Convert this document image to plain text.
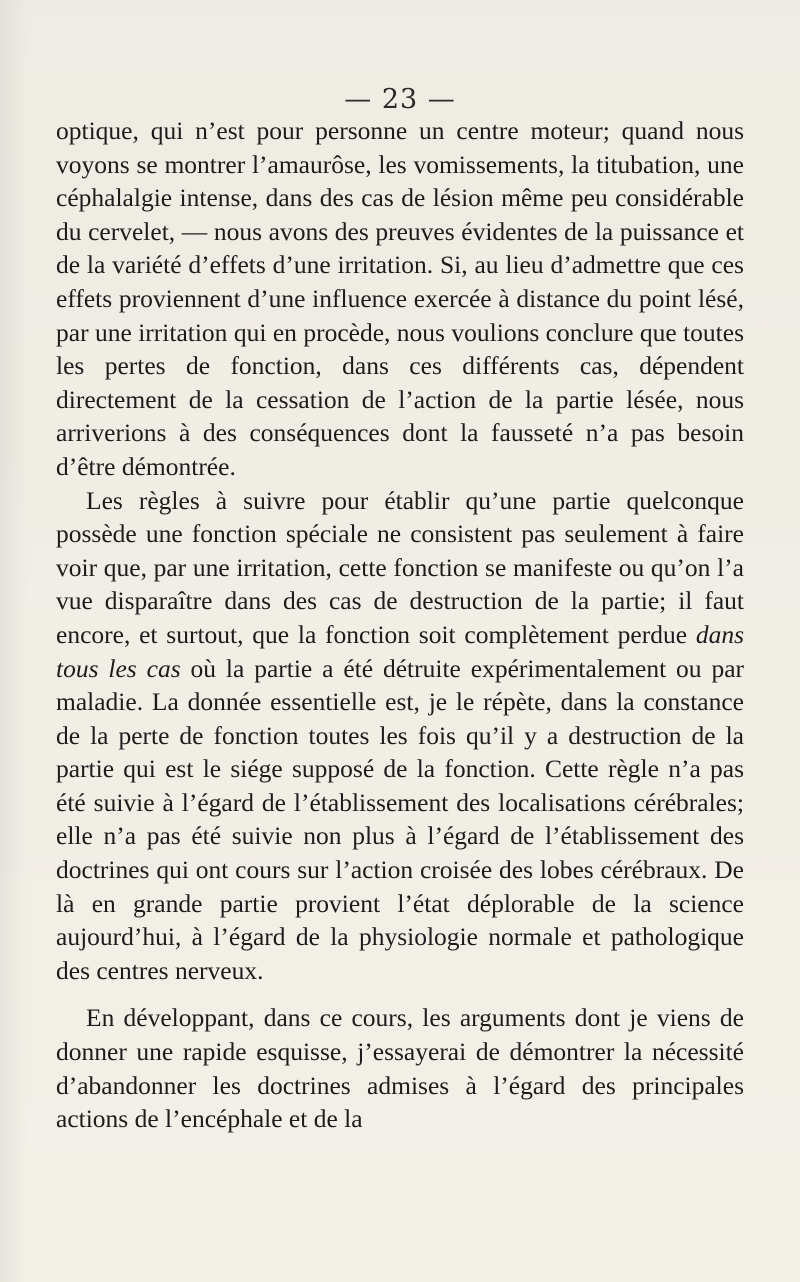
— 23 —

optique, qui n’est pour personne un centre moteur; quand nous voyons se montrer l’amaurôse, les vomissements, la titubation, une céphalalgie intense, dans des cas de lésion même peu considérable du cervelet, — nous avons des preuves évidentes de la puissance et de la variété d’effets d’une irritation. Si, au lieu d’admettre que ces effets proviennent d’une influence exercée à distance du point lésé, par une irritation qui en procède, nous voulions conclure que toutes les pertes de fonction, dans ces différents cas, dépendent directement de la cessation de l’action de la partie lésée, nous arriverions à des conséquences dont la fausseté n’a pas besoin d’être démontrée.

Les règles à suivre pour établir qu’une partie quelconque possède une fonction spéciale ne consistent pas seulement à faire voir que, par une irritation, cette fonction se manifeste ou qu’on l’a vue disparaître dans des cas de destruction de la partie; il faut encore, et surtout, que la fonction soit complètement perdue dans tous les cas où la partie a été détruite expérimentalement ou par maladie. La donnée essentielle est, je le répète, dans la constance de la perte de fonction toutes les fois qu’il y a destruction de la partie qui est le siége supposé de la fonction. Cette règle n’a pas été suivie à l’égard de l’établissement des localisations cérébrales; elle n’a pas été suivie non plus à l’égard de l’établissement des doctrines qui ont cours sur l’action croisée des lobes cérébraux. De là en grande partie provient l’état déplorable de la science aujourd’hui, à l’égard de la physiologie normale et pathologique des centres nerveux.

En développant, dans ce cours, les arguments dont je viens de donner une rapide esquisse, j’essayerai de démontrer la nécessité d’abandonner les doctrines admises à l’égard des principales actions de l’encéphale et de la
